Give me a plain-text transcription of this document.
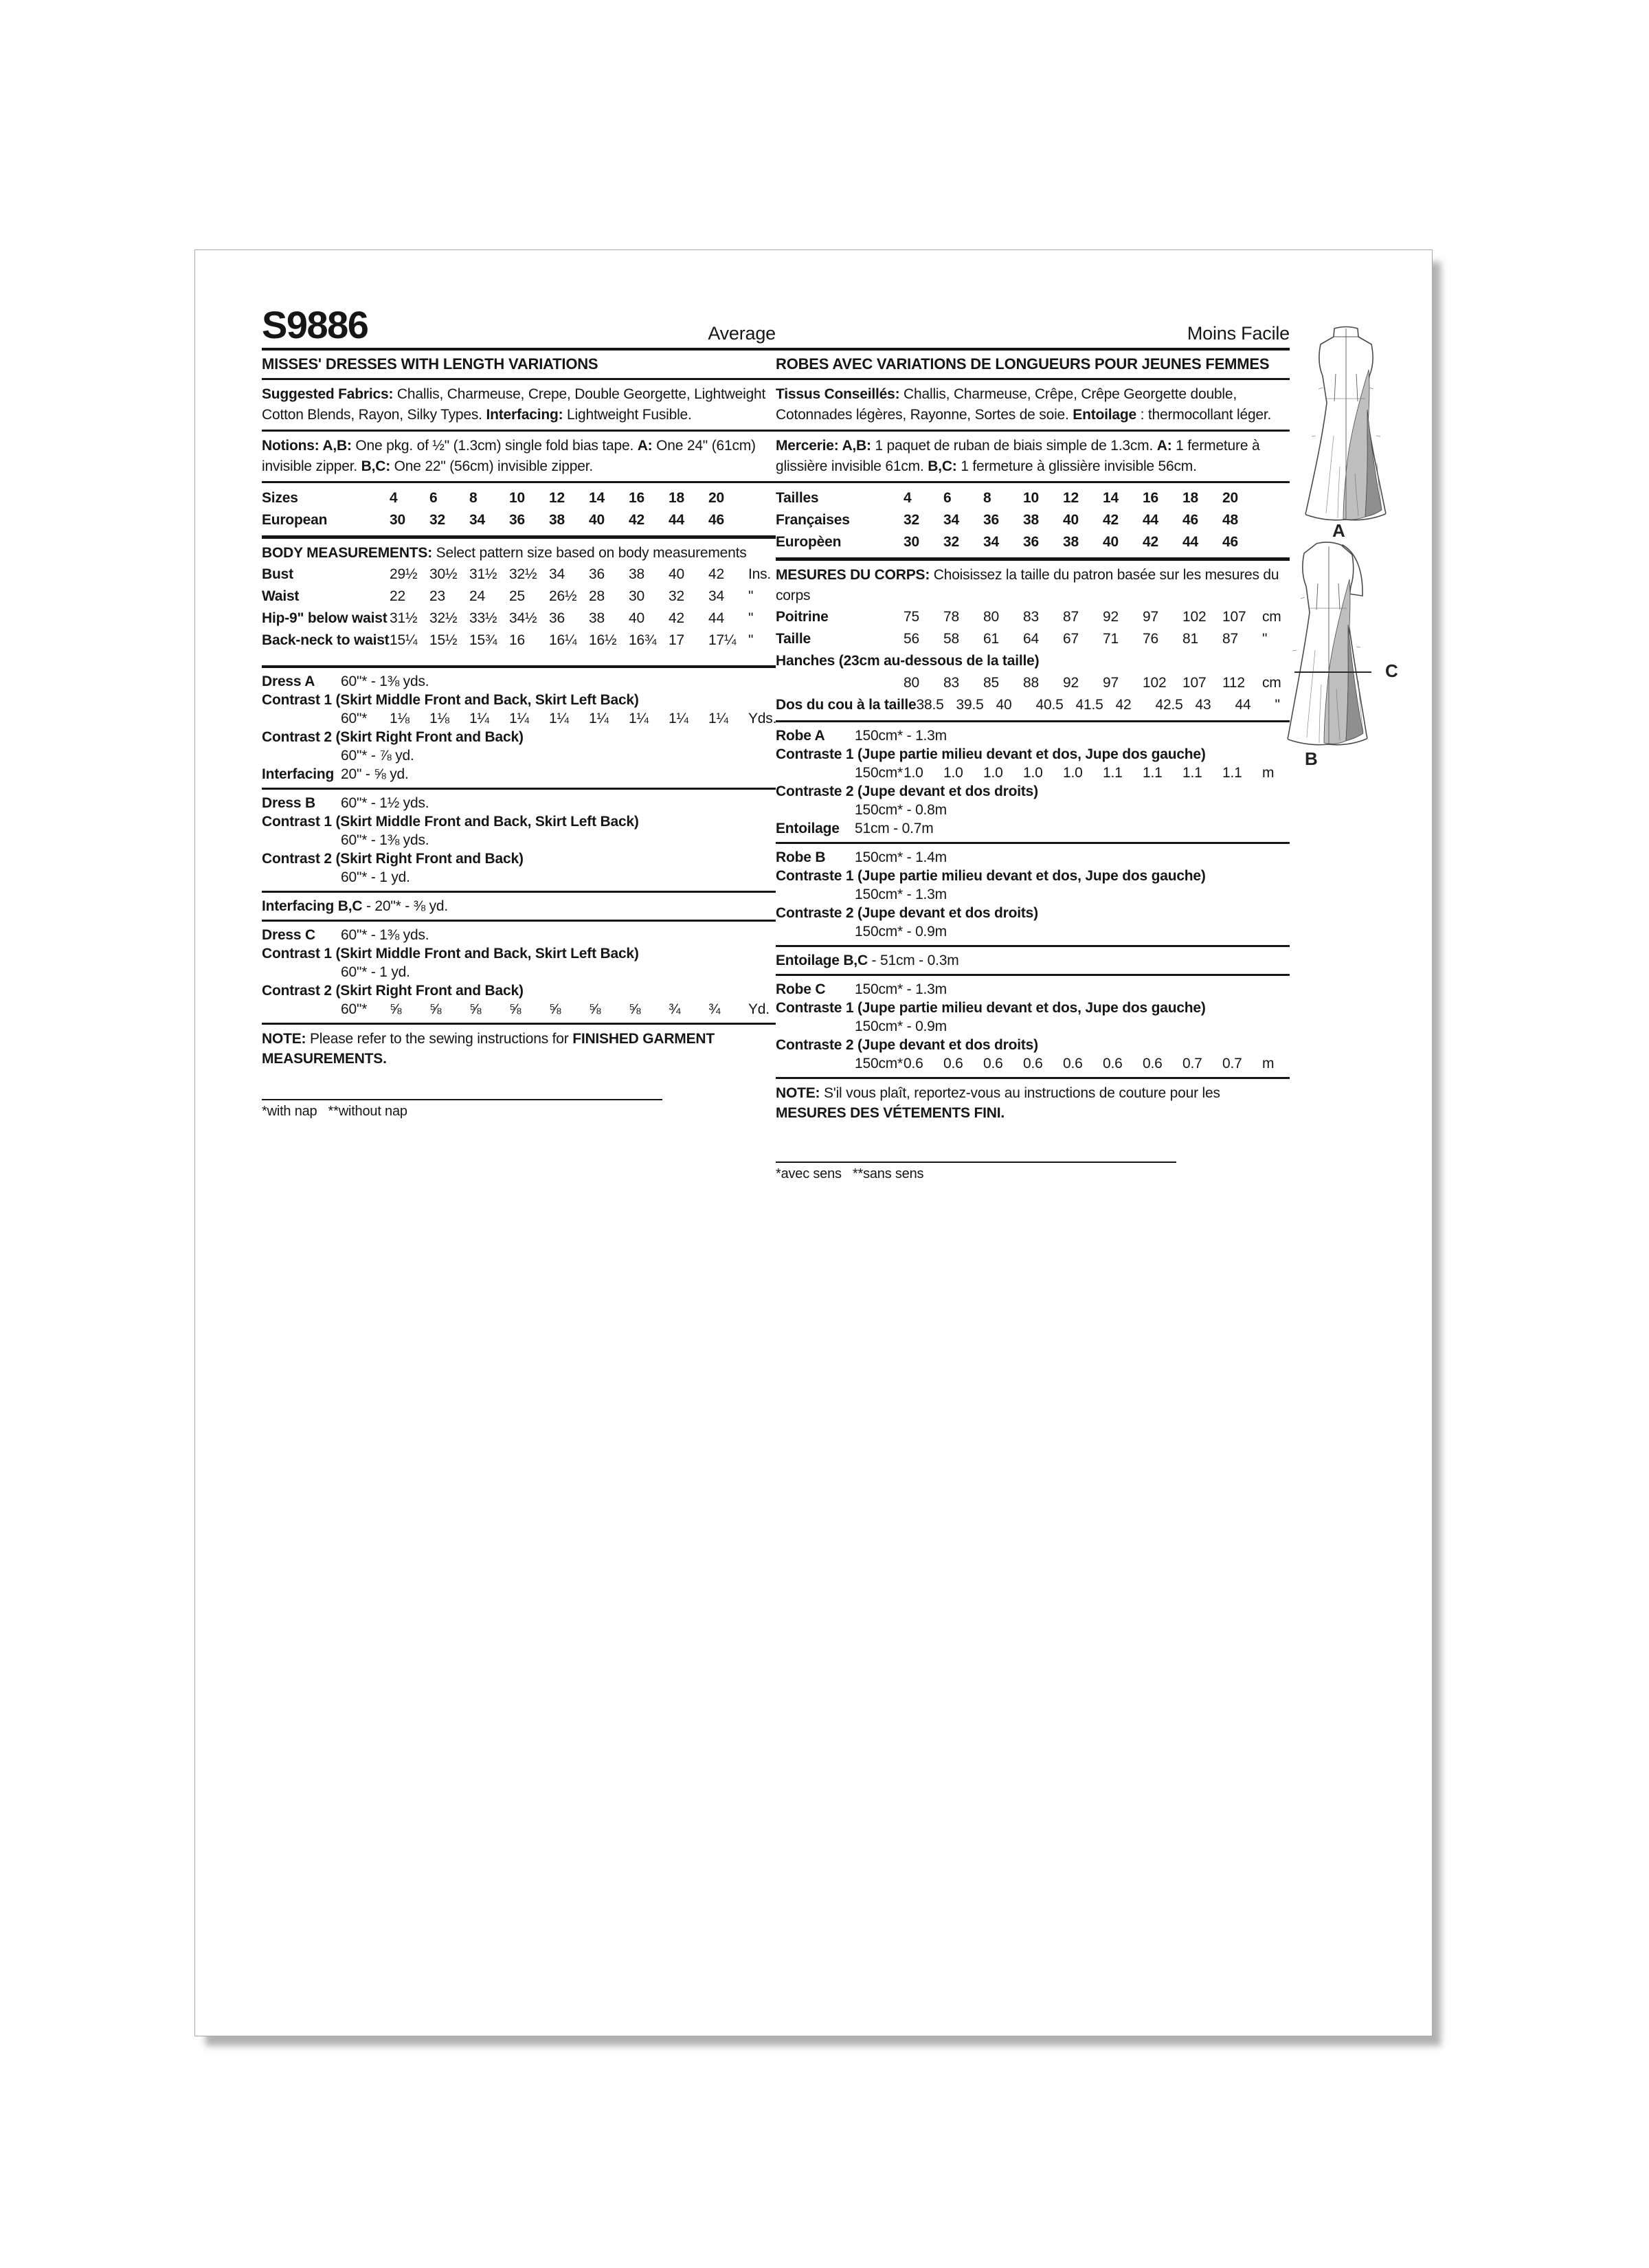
S9886	Average
MISSES' DRESSES WITH LENGTH VARIATIONS

Suggested Fabrics: Challis, Charmeuse, Crepe, Double Georgette, Lightweight Cotton Blends, Rayon, Silky Types. Interfacing: Lightweight Fusible.

Notions: A,B: One pkg. of ½" (1.3cm) single fold bias tape. A: One 24" (61cm) invisible zipper. B,C: One 22" (56cm) invisible zipper.

Sizes	4	6	8	10	12	14	16	18	20
European	30	32	34	36	38	40	42	44	46
BODY MEASUREMENTS: Select pattern size based on body measurements
Bust	29½ 30½ 31½ 32½ 34	36	38	40	42	Ins.
Waist	22	23	24	25	26½ 28	30	32	34	"
Hip-9" below waist 31½ 32½ 33½ 34½ 36	38	40	42	44	"
Back-neck to waist 15¼ 15½ 15¾ 16	16¼ 16½ 16¾ 17	17¼ "
Dress A	60"* - 1⅜ yds.
Contrast 1 (Skirt Middle Front and Back, Skirt Left Back)
60"*	1⅛	1⅛	1¼	1¼	1¼	1¼	1¼	1¼	1¼	Yds.
Contrast 2 (Skirt Right Front and Back)
60"* - ⅞ yd.
Interfacing 20" - ⅝ yd.
Dress B	60"* - 1½ yds.
Contrast 1 (Skirt Middle Front and Back, Skirt Left Back)
60"* - 1⅜ yds.
Contrast 2 (Skirt Right Front and Back)
60"* - 1 yd.
Interfacing B,C - 20"* - ⅜ yd.
Dress C	60"* - 1⅜ yds.
Contrast 1 (Skirt Middle Front and Back, Skirt Left Back)
60"* - 1 yd.
Contrast 2 (Skirt Right Front and Back)
60"*	⅝	⅝	⅝	⅝	⅝	⅝	⅝	¾	¾	Yd.

NOTE: Please refer to the sewing instructions for FINISHED GARMENT MEASUREMENTS.

*with nap   **without nap
Moins Facile
ROBES AVEC VARIATIONS DE LONGUEURS POUR JEUNES FEMMES

Tissus Conseillés: Challis, Charmeuse, Crêpe, Crêpe Georgette double, Cotonnades légères, Rayonne, Sortes de soie. Entoilage : thermocollant léger.

Mercerie: A,B: 1 paquet de ruban de biais simple de 1.3cm. A: 1 fermeture à glissière invisible 61cm. B,C: 1 fermeture à glissière invisible 56cm.

Tailles	4	6	8	10	12	14	16	18	20
Françaises	32	34	36	38	40	42	44	46	48
Europèen	30	32	34	36	38	40	42	44	46
MESURES DU CORPS: Choisissez la taille du patron basée sur les mesures du corps
Poitrine	75	78	80	83	87	92	97	102	107	cm
Taille	56	58	61	64	67	71	76	81	87	"
Hanches (23cm au-dessous de la taille)
80	83	85	88	92	97	102	107	112	cm
Dos du cou à la taille 38.5 39.5 40	40.5 41.5 42	42.5 43	44	"
Robe A	150cm* - 1.3m
Contraste 1 (Jupe partie milieu devant et dos, Jupe dos gauche)
150cm* 1.0	1.0	1.0	1.0	1.0	1.1	1.1	1.1	1.1	m
Contraste 2 (Jupe devant et dos droits)
150cm* - 0.8m
Entoilage	51cm - 0.7m
Robe B	150cm* - 1.4m
Contraste 1 (Jupe partie milieu devant et dos, Jupe dos gauche)
150cm* - 1.3m
Contraste 2 (Jupe devant et dos droits)
150cm* - 0.9m
Entoilage B,C - 51cm - 0.3m
Robe C	150cm* - 1.3m
Contraste 1 (Jupe partie milieu devant et dos, Jupe dos gauche)
150cm* - 0.9m
Contraste 2 (Jupe devant et dos droits)
150cm* 0.6	0.6	0.6	0.6	0.6	0.6	0.6	0.7	0.7	m

NOTE: S'il vous plaît, reportez-vous au instructions de couture pour les MESURES DES VÉTEMENTS FINI.

*avec sens   **sans sens
A
B
C
